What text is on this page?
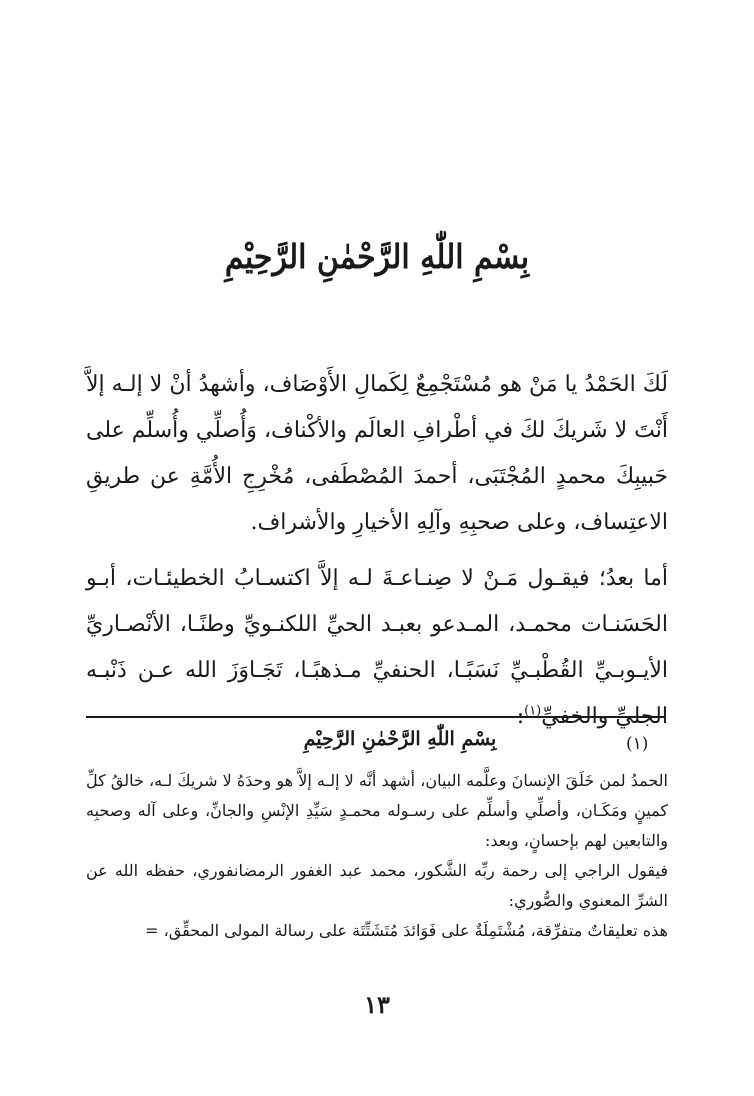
بِسْمِ اللّٰهِ الرَّحْمٰنِ الرَّحِيْمِ

لَكَ الحَمْدُ يا مَنْ هو مُسْتَجْمِعٌ لِكَمالِ الأَوْصَاف، وأشهدُ أنْ لا إلـه إلاَّ أَنْتَ لا شَريكَ لكَ في أطْرافِ العالَم والأكْناف، وَأُصلِّي وأُسلِّم على حَبيبِكَ محمدٍ المُجْتَبَى، أحمدَ المُصْطَفى، مُخْرِجِ الأُمَّةِ عن طريقِ الاعتِساف، وعلى صحبِهِ وآلِهِ الأخيارِ والأشراف.

أما بعدُ؛ فيقـول مَـنْ لا صِنـاعـةَ لـه إلاَّ اكتسـابُ الخطيئـات، أبـو الحَسَنـات محمـد، المـدعو بعبـد الحيِّ اللكنـويِّ وطنًـا، الأنْصـاريِّ الأيـوبـيِّ القُطْبـيِّ نَسَبًـا، الحنفيِّ مـذهبًـا، تَجَـاوَزَ الله عـن ذَنْبـه الجليِّ والخفيِّ$^{(١)}$:

(١)
بِسْمِ اللّٰهِ الرَّحْمٰنِ الرَّحِيْمِ

الحمدُ لمن خَلَقَ الإنسانَ وعلَّمه البيان، أشهد أنَّه لا إلـه إلاَّ هو وحدَهُ لا شريكَ لـه، خالقُ كلِّ كمينٍ ومَكَـان، وأصلِّي وأسلِّم على رسـوله محمـدٍ سَيِّدِ الإنْسِ والجانِّ، وعلى آله وصحبِه والتابعين لهم بإحسانٍ، وبعد:

فيقول الراجي إلى رحمة ربِّه الشَّكور، محمد عبد الغفور الرمضانفوري، حفظه الله عن الشرِّ المعنوي والصُّوري:

هذه تعليقاتٌ متفرِّقة، مُشْتَمِلَةٌ على فَوَائدَ مُتَشَتِّتَة على رسالة المولى المحقِّق، =

١٣
